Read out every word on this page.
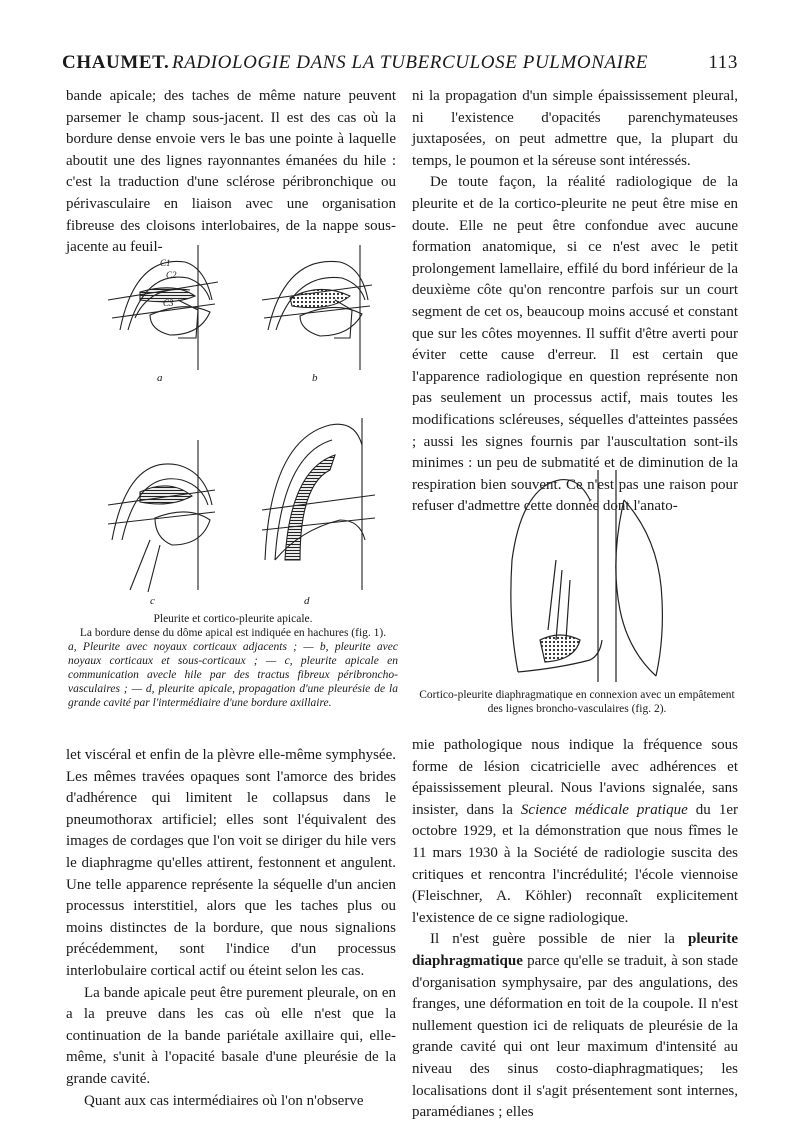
CHAUMET. RADIOLOGIE DANS LA TUBERCULOSE PULMONAIRE	113

bande apicale; des taches de même nature peuvent parsemer le champ sous-jacent. Il est des cas où la bordure dense envoie vers le bas une pointe à laquelle aboutit une des lignes rayonnantes émanées du hile : c'est la traduction d'une sclérose péribronchique ou périvasculaire en liaison avec une organisation fibreuse des cloisons interlobaires, de la nappe sous-jacente au feuil-

a	b
c	d
C1
C2
C3
Pleurite et cortico-pleurite apicale.
La bordure dense du dôme apical est indiquée en hachures (fig. 1).
a, Pleurite avec noyaux corticaux adjacents ; — b, pleurite avec noyaux corticaux et sous-corticaux ; — c, pleurite apicale en communication avecle hile par des tractus fibreux péribroncho-vasculaires ; — d, pleurite apicale, propagation d'une pleurésie de la grande cavité par l'intermédiaire d'une bordure axillaire.

let viscéral et enfin de la plèvre elle-même symphysée. Les mêmes travées opaques sont l'amorce des brides d'adhérence qui limitent le collapsus dans le pneumothorax artificiel; elles sont l'équivalent des images de cordages que l'on voit se diriger du hile vers le diaphragme qu'elles attirent, festonnent et angulent. Une telle apparence représente la séquelle d'un ancien processus interstitiel, alors que les taches plus ou moins distinctes de la bordure, que nous signalions précédemment, sont l'indice d'un processus interlobulaire cortical actif ou éteint selon les cas.

La bande apicale peut être purement pleurale, on en a la preuve dans les cas où elle n'est que la continuation de la bande pariétale axillaire qui, elle-même, s'unit à l'opacité basale d'une pleurésie de la grande cavité.

Quant aux cas intermédiaires où l'on n'observe

ni la propagation d'un simple épaississement pleural, ni l'existence d'opacités parenchymateuses juxtaposées, on peut admettre que, la plupart du temps, le poumon et la séreuse sont intéressés.

De toute façon, la réalité radiologique de la pleurite et de la cortico-pleurite ne peut être mise en doute. Elle ne peut être confondue avec aucune formation anatomique, si ce n'est avec le petit prolongement lamellaire, effilé du bord inférieur de la deuxième côte qu'on rencontre parfois sur un court segment de cet os, beaucoup moins accusé et constant que sur les côtes moyennes. Il suffit d'être averti pour éviter cette cause d'erreur. Il est certain que l'apparence radiologique en question représente non pas seulement un processus actif, mais toutes les modifications scléreuses, séquelles d'atteintes passées ; aussi les signes fournis par l'auscultation sont-ils minimes : un peu de submatité et de diminution de la respiration bien souvent. Ce n'est pas une raison pour refuser d'admettre cette donnée dont l'anato-

Cortico-pleurite diaphragmatique en connexion avec un empâtement des lignes broncho-vasculaires (fig. 2).

mie pathologique nous indique la fréquence sous forme de lésion cicatricielle avec adhérences et épaississement pleural. Nous l'avions signalée, sans insister, dans la Science médicale pratique du 1er octobre 1929, et la démonstration que nous fîmes le 11 mars 1930 à la Société de radiologie suscita des critiques et rencontra l'incrédulité; l'école viennoise (Fleischner, A. Köhler) reconnaît explicitement l'existence de ce signe radiologique.

Il n'est guère possible de nier la pleurite diaphragmatique parce qu'elle se traduit, à son stade d'organisation symphysaire, par des angulations, des franges, une déformation en toit de la coupole. Il n'est nullement question ici de reliquats de pleurésie de la grande cavité qui ont leur maximum d'intensité au niveau des sinus costo-diaphragmatiques; les localisations dont il s'agit présentement sont internes, paramédianes ; elles
